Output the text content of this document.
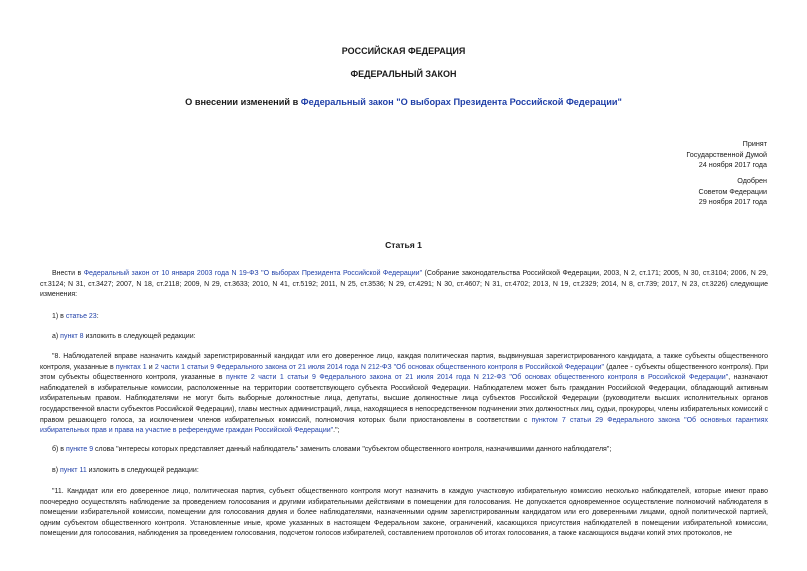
РОССИЙСКАЯ ФЕДЕРАЦИЯ
ФЕДЕРАЛЬНЫЙ ЗАКОН
О внесении изменений в Федеральный закон "О выборах Президента Российской Федерации"
Принят
Государственной Думой
24 ноября 2017 года
Одобрен
Советом Федерации
29 ноября 2017 года
Статья 1
Внести в Федеральный закон от 10 января 2003 года N 19-ФЗ "О выборах Президента Российской Федерации" (Собрание законодательства Российской Федерации, 2003, N 2, ст.171; 2005, N 30, ст.3104; 2006, N 29, ст.3124; N 31, ст.3427; 2007, N 18, ст.2118; 2009, N 29, ст.3633; 2010, N 41, ст.5192; 2011, N 25, ст.3536; N 29, ст.4291; N 30, ст.4607; N 31, ст.4702; 2013, N 19, ст.2329; 2014, N 8, ст.739; 2017, N 23, ст.3226) следующие изменения:
1) в статье 23:
а) пункт 8 изложить в следующей редакции:
"8. Наблюдателей вправе назначить каждый зарегистрированный кандидат или его доверенное лицо, каждая политическая партия, выдвинувшая зарегистрированного кандидата, а также субъекты общественного контроля, указанные в пунктах 1 и 2 части 1 статьи 9 Федерального закона от 21 июля 2014 года N 212-ФЗ "Об основах общественного контроля в Российской Федерации" (далее - субъекты общественного контроля). При этом субъекты общественного контроля, указанные в пункте 2 части 1 статьи 9 Федерального закона от 21 июля 2014 года N 212-ФЗ "Об основах общественного контроля в Российской Федерации", назначают наблюдателей в избирательные комиссии, расположенные на территории соответствующего субъекта Российской Федерации. Наблюдателем может быть гражданин Российской Федерации, обладающий активным избирательным правом. Наблюдателями не могут быть выборные должностные лица, депутаты, высшие должностные лица субъектов Российской Федерации (руководители высших исполнительных органов государственной власти субъектов Российской Федерации), главы местных администраций, лица, находящиеся в непосредственном подчинении этих должностных лиц, судьи, прокуроры, члены избирательных комиссий с правом решающего голоса, за исключением членов избирательных комиссий, полномочия которых были приостановлены в соответствии с пунктом 7 статьи 29 Федерального закона "Об основных гарантиях избирательных прав и права на участие в референдуме граждан Российской Федерации".";
б) в пункте 9 слова "интересы которых представляет данный наблюдатель" заменить словами "субъектом общественного контроля, назначившими данного наблюдателя";
в) пункт 11 изложить в следующей редакции:
"11. Кандидат или его доверенное лицо, политическая партия, субъект общественного контроля могут назначить в каждую участковую избирательную комиссию несколько наблюдателей, которые имеют право поочередно осуществлять наблюдение за проведением голосования и другими избирательными действиями в помещении для голосования. Не допускается одновременное осуществление полномочий наблюдателя в помещении избирательной комиссии, помещении для голосования двумя и более наблюдателями, назначенными одним зарегистрированным кандидатом или его доверенными лицами, одной политической партией, одним субъектом общественного контроля. Установленные иные, кроме указанных в настоящем Федеральном законе, ограничений, касающихся присутствия наблюдателей в помещении избирательной комиссии, помещении для голосования, наблюдения за проведением голосования, подсчетом голосов избирателей, составлением протоколов об итогах голосования, а также касающихся выдачи копий этих протоколов, не
